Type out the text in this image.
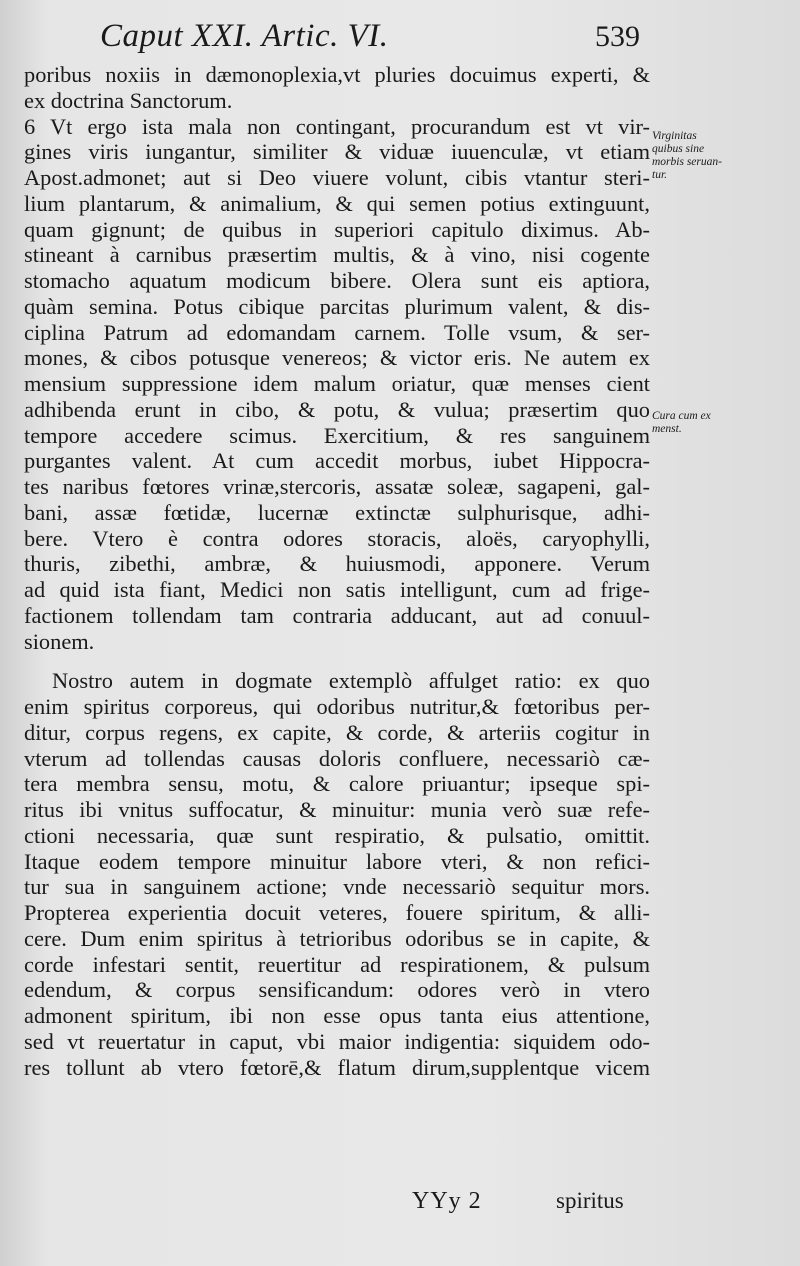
Caput XXI. Artic. VI.	539
poribus noxiis in dæmonoplexia,vt pluries docuimus experti, &
ex doctrina Sanctorum.
6 Vt ergo ista mala non contingant, procurandum est vt vir-
gines viris iungantur, similiter & viduæ iuuenculæ, vt etiam
Apost.admonet; aut si Deo viuere volunt, cibis vtantur steri-
lium plantarum, & animalium, & qui semen potius extinguunt,
quam gignunt; de quibus in superiori capitulo diximus. Ab-
stineant à carnibus præsertim multis, & à vino, nisi cogente
stomacho aquatum modicum bibere. Olera sunt eis aptiora,
quàm semina. Potus cibique parcitas plurimum valent, & dis-
ciplina Patrum ad edomandam carnem. Tolle vsum, & ser-
mones, & cibos potusque venereos; & victor eris. Ne autem ex
mensium suppressione idem malum oriatur, quæ menses cient
adhibenda erunt in cibo, & potu, & vulua; præsertim quo
tempore accedere scimus. Exercitium, & res sanguinem
purgantes valent. At cum accedit morbus, iubet Hippocra-
tes naribus fœtores vrinæ,stercoris, assatæ soleæ, sagapeni, gal-
bani, assæ fœtidæ, lucernæ extinctæ sulphurisque, adhi-
bere. Vtero è contra odores storacis, aloës, caryophylli,
thuris, zibethi, ambræ, & huiusmodi, apponere. Verum
ad quid ista fiant, Medici non satis intelligunt, cum ad frige-
factionem tollendam tam contraria adducant, aut ad conuul-
sionem.
Nostro autem in dogmate extemplò affulget ratio: ex quo
enim spiritus corporeus, qui odoribus nutritur,& fœtoribus per-
ditur, corpus regens, ex capite, & corde, & arteriis cogitur in
vterum ad tollendas causas doloris confluere, necessariò cæ-
tera membra sensu, motu, & calore priuantur; ipseque spi-
ritus ibi vnitus suffocatur, & minuitur: munia verò suæ refe-
ctioni necessaria, quæ sunt respiratio, & pulsatio, omittit.
Itaque eodem tempore minuitur labore vteri, & non refici-
tur sua in sanguinem actione; vnde necessariò sequitur mors.
Propterea experientia docuit veteres, fouere spiritum, & alli-
cere. Dum enim spiritus à tetrioribus odoribus se in capite, &
corde infestari sentit, reuertitur ad respirationem, & pulsum
edendum, & corpus sensificandum: odores verò in vtero
admonent spiritum, ibi non esse opus tanta eius attentione,
sed vt reuertatur in caput, vbi maior indigentia: siquidem odo-
res tollunt ab vtero fœtorē,& flatum dirum,supplentque vicem
Virginitas
quibus sine
morbis seruan-
tur.
Cura cum ex
menst.
YYy 2	spiritus
